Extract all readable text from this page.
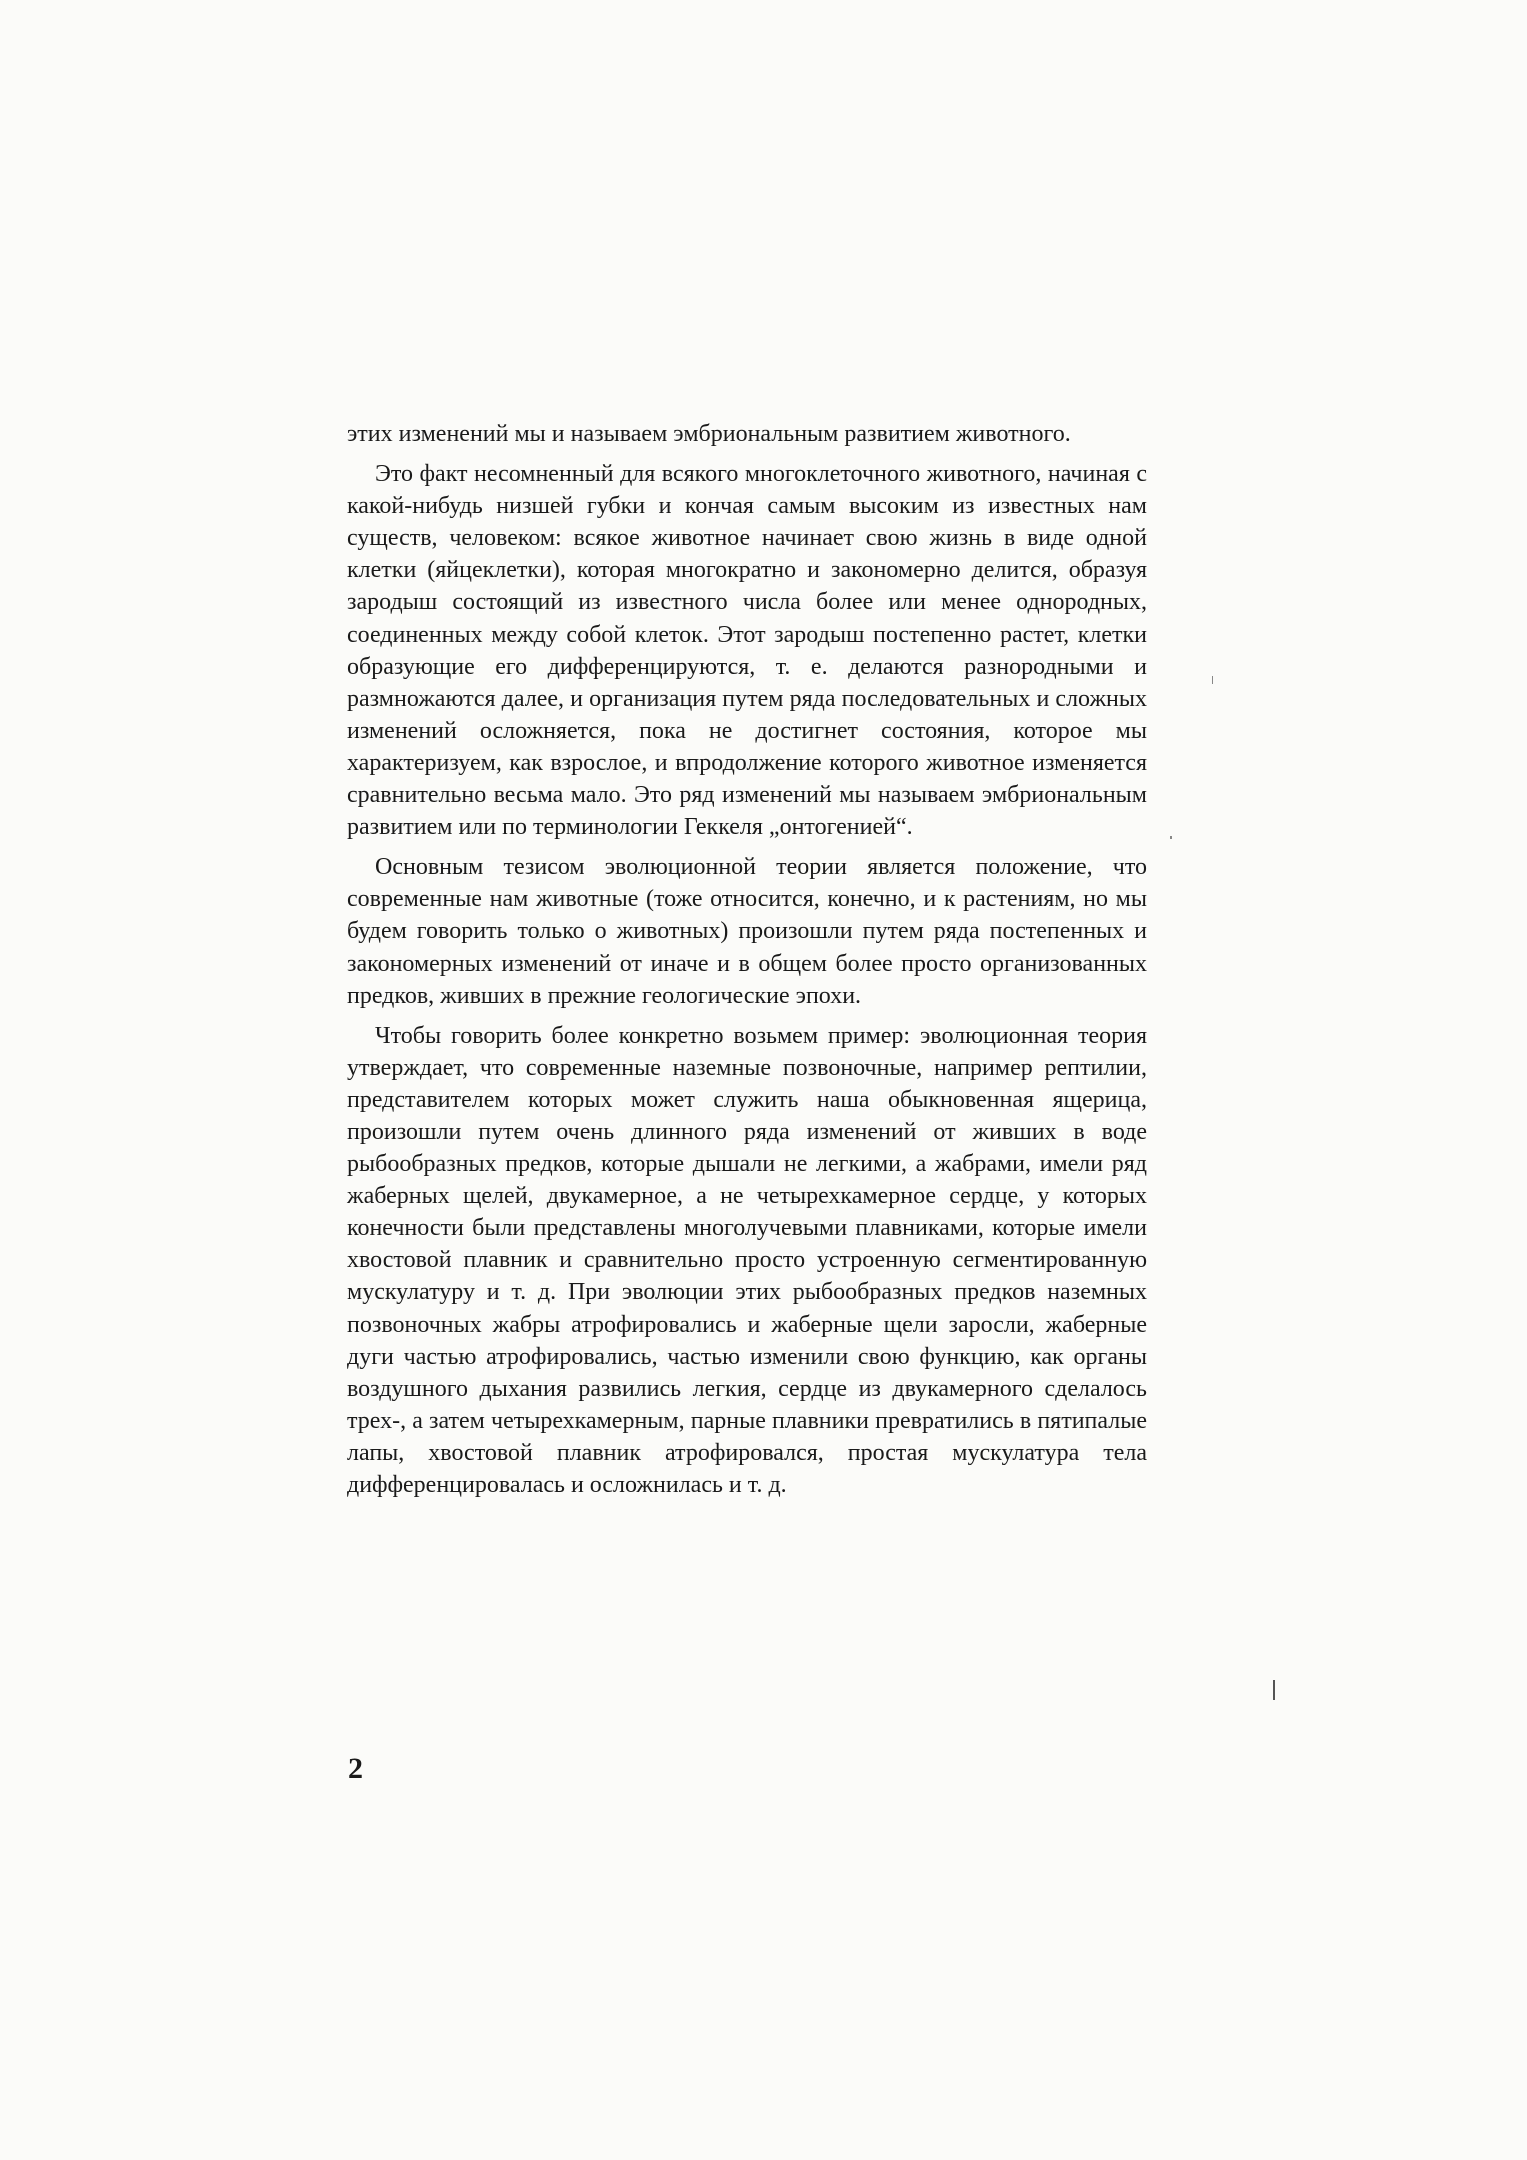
этих изменений мы и называем эмбриональным развитием животного.

Это факт несомненный для всякого многоклеточного животного, начиная с какой-нибудь низшей губки и кончая самым высоким из известных нам существ, человеком: всякое животное начинает свою жизнь в виде одной клетки (яйцеклетки), которая многократно и закономерно делится, образуя зародыш состоящий из известного числа более или менее однородных, соединенных между собой клеток. Этот зародыш постепенно растет, клетки образующие его дифференцируются, т. е. делаются разнородными и размножаются далее, и организация путем ряда последовательных и сложных изменений осложняется, пока не достигнет состояния, которое мы характеризуем, как взрослое, и впродолжение которого животное изменяется сравнительно весьма мало. Это ряд изменений мы называем эмбриональным развитием или по терминологии Геккеля „онтогенией“.

Основным тезисом эволюционной теории является положение, что современные нам животные (тоже относится, конечно, и к растениям, но мы будем говорить только о животных) произошли путем ряда постепенных и закономерных изменений от иначе и в общем более просто организованных предков, живших в прежние геологические эпохи.

Чтобы говорить более конкретно возьмем пример: эволюционная теория утверждает, что современные наземные позвоночные, например рептилии, представителем которых может служить наша обыкновенная ящерица, произошли путем очень длинного ряда изменений от живших в воде рыбообразных предков, которые дышали не легкими, а жабрами, имели ряд жаберных щелей, двукамерное, а не четырехкамерное сердце, у которых конечности были представлены многолучевыми плавниками, которые имели хвостовой плавник и сравнительно просто устроенную сегментированную мускулатуру и т. д. При эволюции этих рыбообразных предков наземных позвоночных жабры атрофировались и жаберные щели заросли, жаберные дуги частью атрофировались, частью изменили свою функцию, как органы воздушного дыхания развились легкия, сердце из двукамерного сделалось трех-, а затем четырехкамерным, парные плавники превратились в пятипалые лапы, хвостовой плавник атрофировался, простая мускулатура тела дифференцировалась и осложнилась и т. д.

2
